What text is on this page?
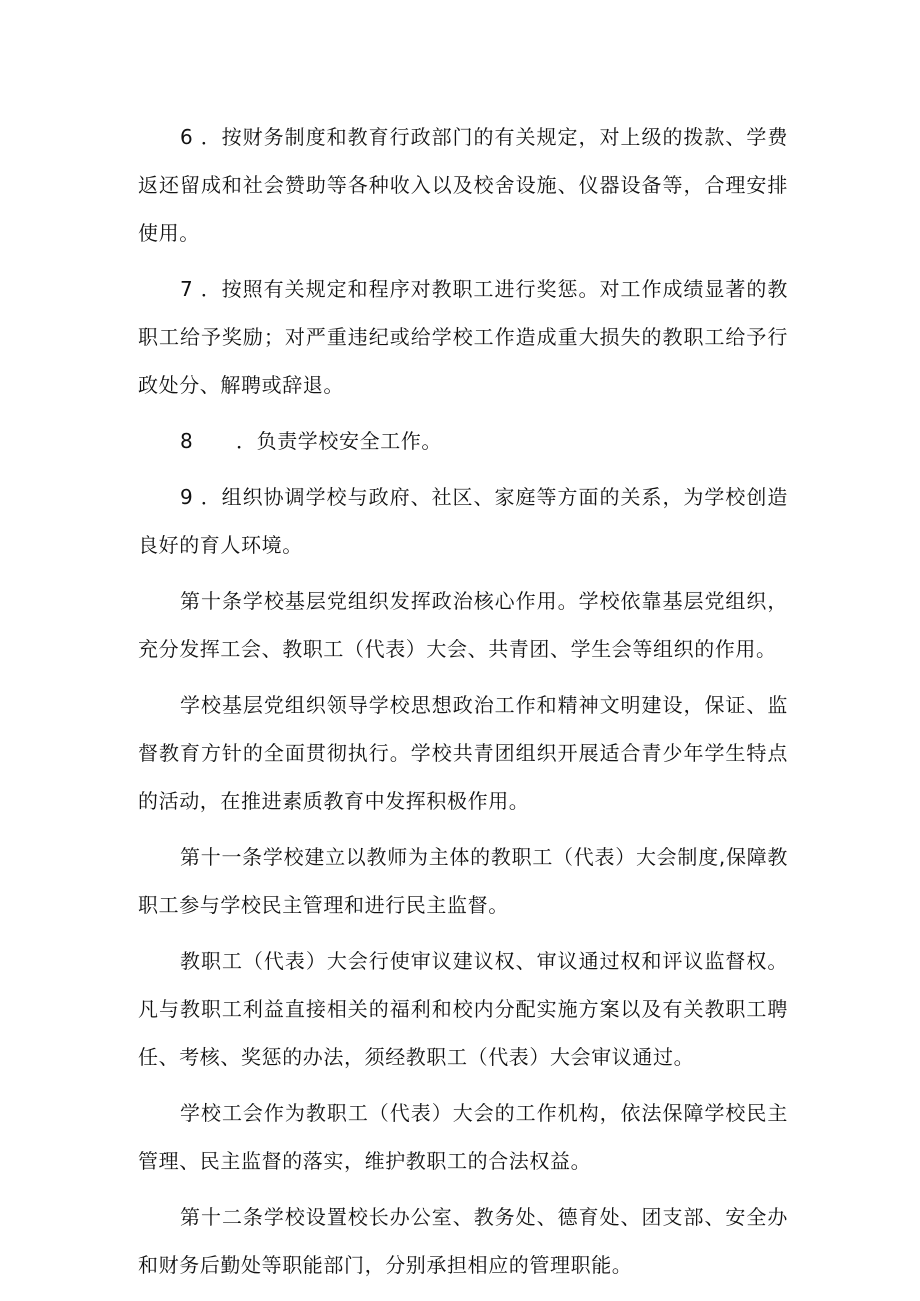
6 ．按财务制度和教育行政部门的有关规定，对上级的拨款、学费返还留成和社会赞助等各种收入以及校舍设施、仪器设备等，合理安排使用。

7 ．按照有关规定和程序对教职工进行奖惩。对工作成绩显著的教职工给予奖励；对严重违纪或给学校工作造成重大损失的教职工给予行政处分、解聘或辞退。

8 ．负责学校安全工作。

9 ．组织协调学校与政府、社区、家庭等方面的关系，为学校创造良好的育人环境。

第十条学校基层党组织发挥政治核心作用。学校依靠基层党组织，充分发挥工会、教职工（代表）大会、共青团、学生会等组织的作用。

学校基层党组织领导学校思想政治工作和精神文明建设，保证、监督教育方针的全面贯彻执行。学校共青团组织开展适合青少年学生特点的活动，在推进素质教育中发挥积极作用。

第十一条学校建立以教师为主体的教职工（代表）大会制度,保障教职工参与学校民主管理和进行民主监督。

教职工（代表）大会行使审议建议权、审议通过权和评议监督权。凡与教职工利益直接相关的福利和校内分配实施方案以及有关教职工聘任、考核、奖惩的办法，须经教职工（代表）大会审议通过。

学校工会作为教职工（代表）大会的工作机构，依法保障学校民主管理、民主监督的落实，维护教职工的合法权益。

第十二条学校设置校长办公室、教务处、德育处、团支部、安全办和财务后勤处等职能部门，分别承担相应的管理职能。
